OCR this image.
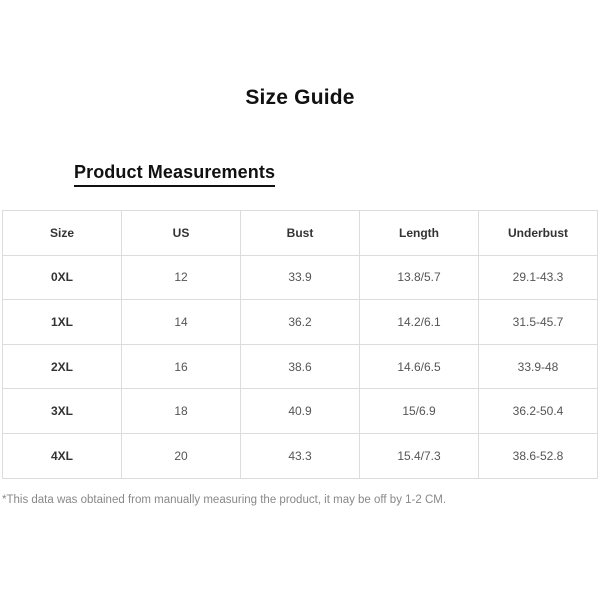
Size Guide
Product Measurements
Size	US	Bust	Length	Underbust
0XL	12	33.9	13.8/5.7	29.1-43.3
1XL	14	36.2	14.2/6.1	31.5-45.7
2XL	16	38.6	14.6/6.5	33.9-48
3XL	18	40.9	15/6.9	36.2-50.4
4XL	20	43.3	15.4/7.3	38.6-52.8
*This data was obtained from manually measuring the product, it may be off by 1-2 CM.
